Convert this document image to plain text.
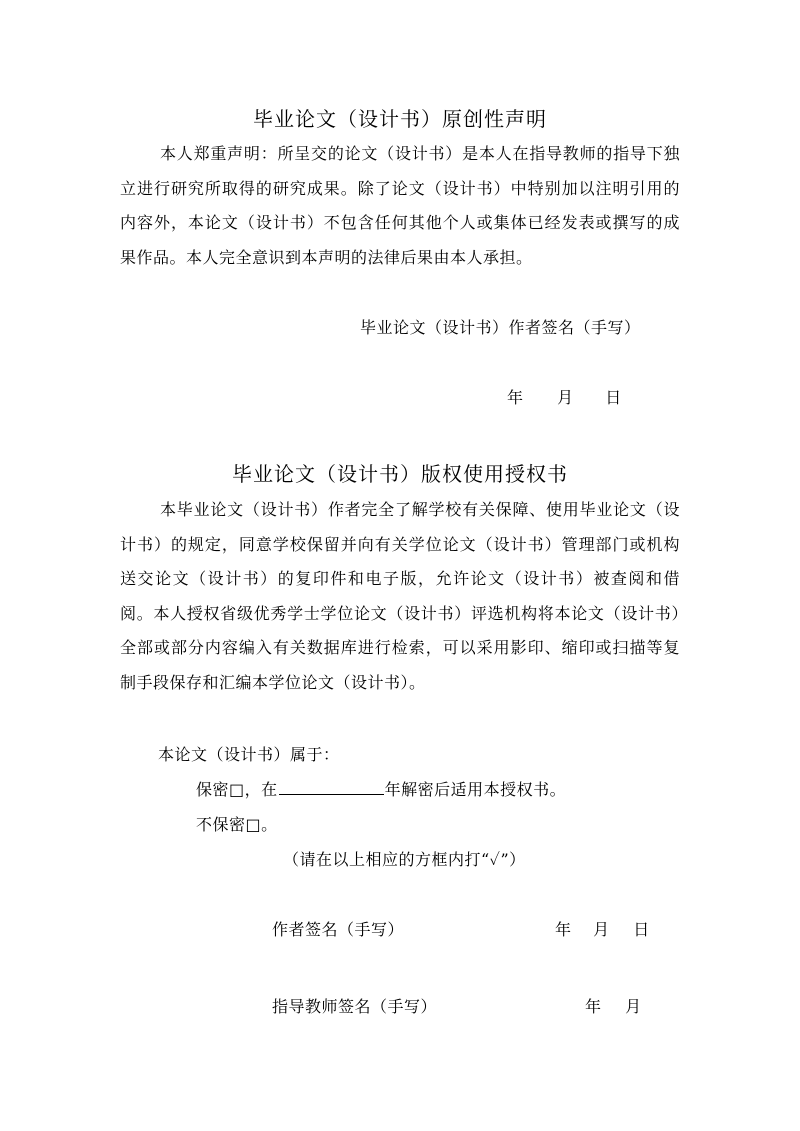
毕业论文（设计书）原创性声明
本人郑重声明：所呈交的论文（设计书）是本人在指导教师的指导下独立进行研究所取得的研究成果。除了论文（设计书）中特别加以注明引用的内容外，本论文（设计书）不包含任何其他个人或集体已经发表或撰写的成果作品。本人完全意识到本声明的法律后果由本人承担。
毕业论文（设计书）作者签名（手写）
年 月 日
毕业论文（设计书）版权使用授权书
本毕业论文（设计书）作者完全了解学校有关保障、使用毕业论文（设计书）的规定，同意学校保留并向有关学位论文（设计书）管理部门或机构送交论文（设计书）的复印件和电子版，允许论文（设计书）被查阅和借阅。本人授权省级优秀学士学位论文（设计书）评选机构将本论文（设计书）全部或部分内容编入有关数据库进行检索，可以采用影印、缩印或扫描等复制手段保存和汇编本学位论文（设计书）。
本论文（设计书）属于：
保密□，在	年解密后适用本授权书。
不保密□。
（请在以上相应的方框内打“✓”）
作者签名（手写）	年 月 日
指导教师签名（手写）	年 月
